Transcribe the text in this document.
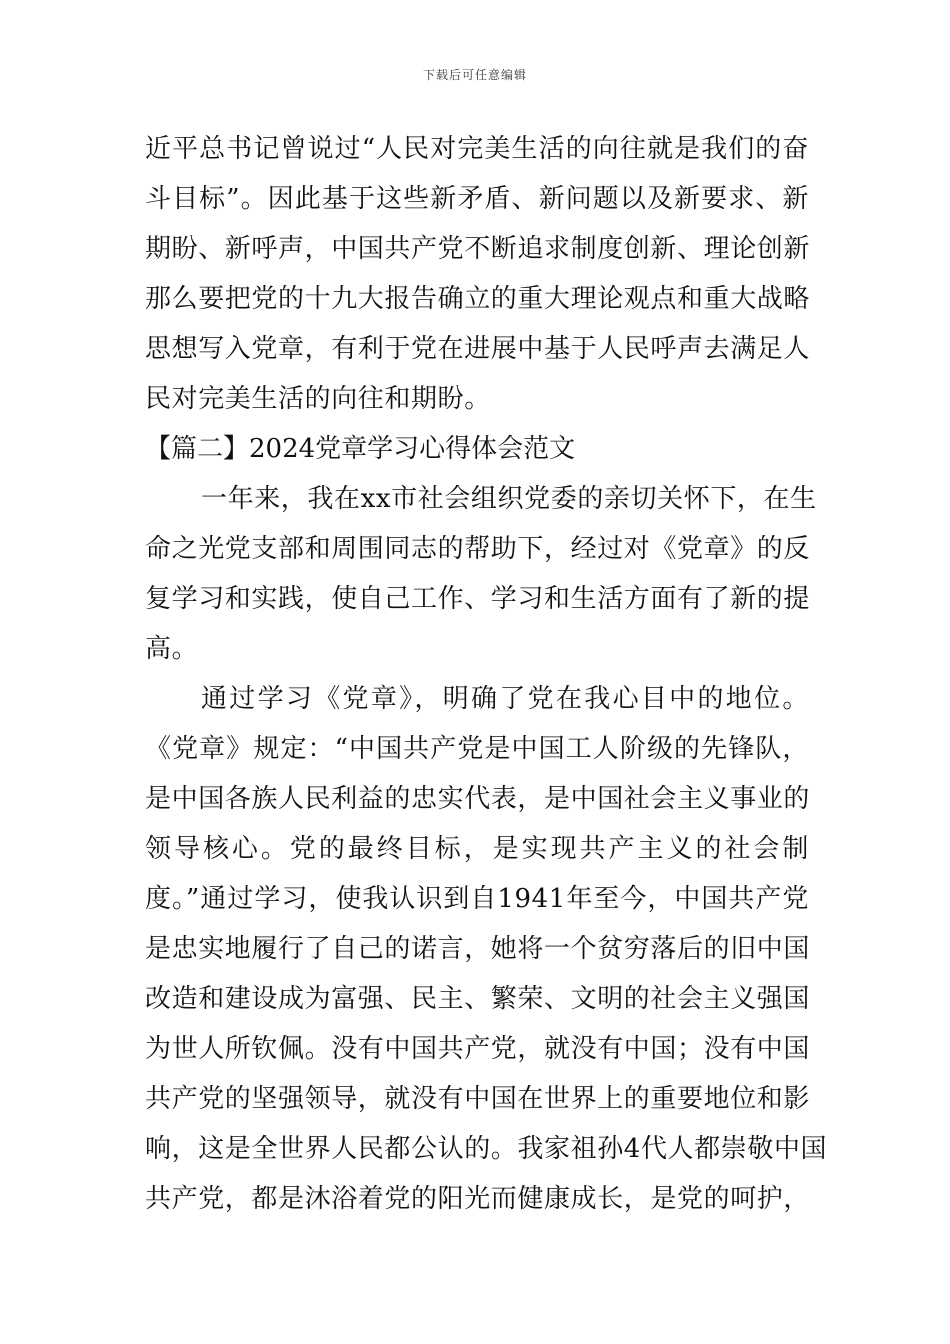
下载后可任意编辑
近平总书记曾说过“人民对完美生活的向往就是我们的奋
斗目标”。因此基于这些新矛盾、新问题以及新要求、新
期盼、新呼声，中国共产党不断追求制度创新、理论创新
那么要把党的十九大报告确立的重大理论观点和重大战略
思想写入党章，有利于党在进展中基于人民呼声去满足人
民对完美生活的向往和期盼。
【篇二】2024党章学习心得体会范文
一年来，我在xx市社会组织党委的亲切关怀下，在生
命之光党支部和周围同志的帮助下，经过对《党章》的反
复学习和实践，使自己工作、学习和生活方面有了新的提
高。
通过学习《党章》，明确了党在我心目中的地位。
《党章》规定：“中国共产党是中国工人阶级的先锋队，
是中国各族人民利益的忠实代表，是中国社会主义事业的
领导核心。党的最终目标，是实现共产主义的社会制
度。”通过学习，使我认识到自1941年至今，中国共产党
是忠实地履行了自己的诺言，她将一个贫穷落后的旧中国
改造和建设成为富强、民主、繁荣、文明的社会主义强国
为世人所钦佩。没有中国共产党，就没有中国；没有中国
共产党的坚强领导，就没有中国在世界上的重要地位和影
响，这是全世界人民都公认的。我家祖孙4代人都崇敬中国
共产党，都是沐浴着党的阳光而健康成长，是党的呵护，
